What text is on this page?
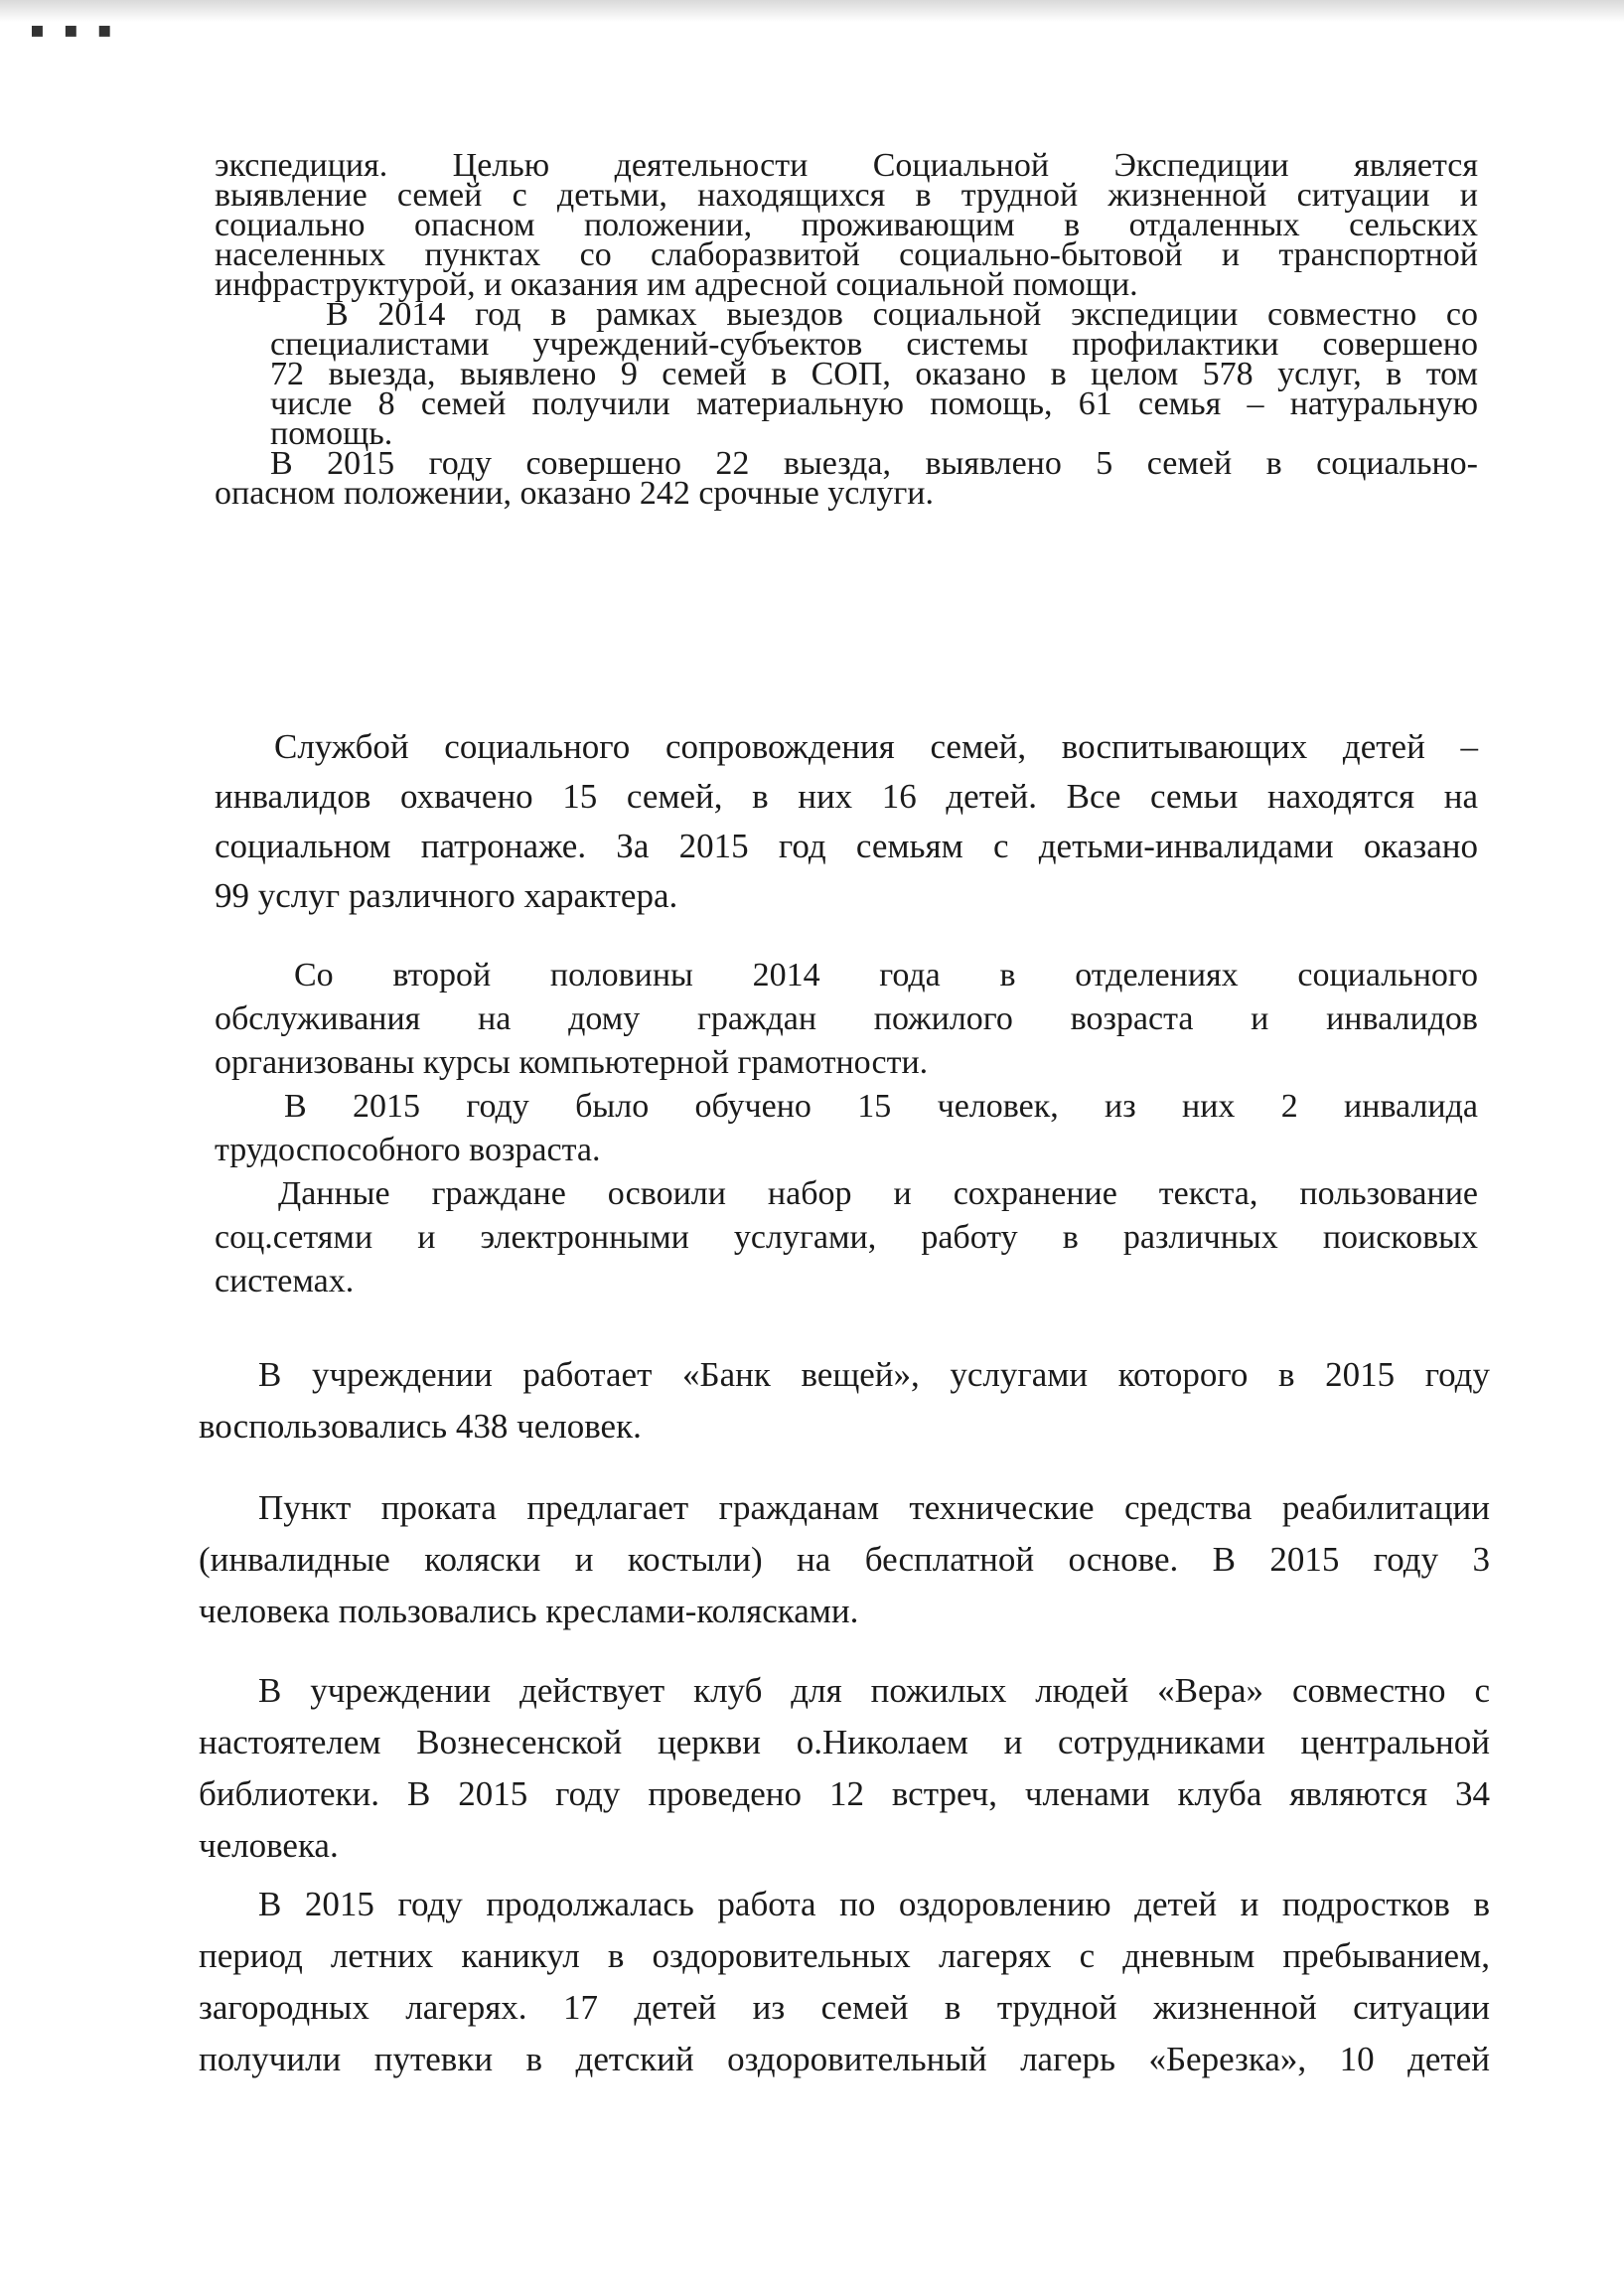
▪ ▪ ▪
экспедиция. Целью деятельности Социальной Экспедиции является
выявление семей с детьми, находящихся в трудной жизненной ситуации и
социально опасном положении, проживающим в отдаленных сельских
населенных пунктах со слаборазвитой социально-бытовой и транспортной
инфраструктурой, и оказания им адресной социальной помощи.
В 2014 год в рамках выездов социальной экспедиции совместно со
специалистами учреждений-субъектов системы профилактики совершено
72 выезда, выявлено 9 семей в СОП, оказано в целом 578 услуг, в том
числе 8 семей получили материальную помощь, 61 семья – натуральную
помощь.
В 2015 году совершено 22 выезда, выявлено 5 семей в социально-
опасном положении, оказано 242 срочные услуги.
Службой социального сопровождения семей, воспитывающих детей –
инвалидов охвачено 15 семей, в них 16 детей. Все семьи находятся на
социальном патронаже. За 2015 год семьям с детьми-инвалидами оказано
99 услуг различного характера.
Со второй половины 2014 года в отделениях социального
обслуживания на дому граждан пожилого возраста и инвалидов
организованы курсы компьютерной грамотности.
В 2015 году было обучено 15 человек, из них 2 инвалида
трудоспособного возраста.
Данные граждане освоили набор и сохранение текста, пользование
соц.сетями и электронными услугами, работу в различных поисковых
системах.
В учреждении работает «Банк вещей», услугами которого в 2015 году
воспользовались 438 человек.
Пункт проката предлагает гражданам технические средства реабилитации
(инвалидные коляски и костыли) на бесплатной основе. В 2015 году 3
человека пользовались креслами-колясками.
В учреждении действует клуб для пожилых людей «Вера» совместно с
настоятелем Вознесенской церкви о.Николаем и сотрудниками центральной
библиотеки. В 2015 году проведено 12 встреч, членами клуба являются 34
человека.
В 2015 году продолжалась работа по оздоровлению детей и подростков в
период летних каникул в оздоровительных лагерях с дневным пребыванием,
загородных лагерях. 17 детей из семей в трудной жизненной ситуации
получили путевки в детский оздоровительный лагерь «Березка», 10 детей
